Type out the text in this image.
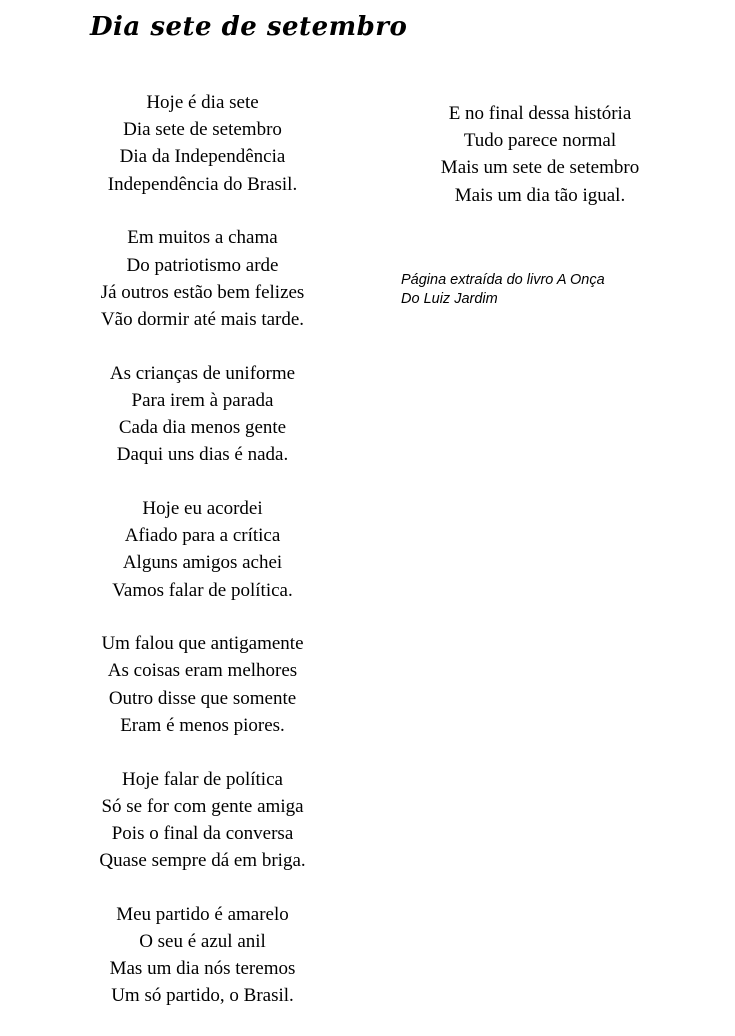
Dia sete de setembro
Hoje é dia sete
Dia sete de setembro
Dia da Independência
Independência do Brasil.
Em muitos a chama
Do patriotismo arde
Já outros estão bem felizes
Vão dormir até mais tarde.
As crianças de uniforme
Para irem à parada
Cada dia menos gente
Daqui uns dias é nada.
Hoje eu acordei
Afiado para a crítica
Alguns amigos achei
Vamos falar de política.
Um falou que antigamente
As coisas eram melhores
Outro disse que somente
Eram é menos piores.
Hoje falar de política
Só se for com gente amiga
Pois o final da conversa
Quase sempre dá em briga.
Meu partido é amarelo
O seu é azul anil
Mas um dia nós teremos
Um só partido, o Brasil.
E no final dessa história
Tudo parece normal
Mais um sete de setembro
Mais um dia tão igual.
Página extraída do livro A Onça
Do Luiz Jardim
